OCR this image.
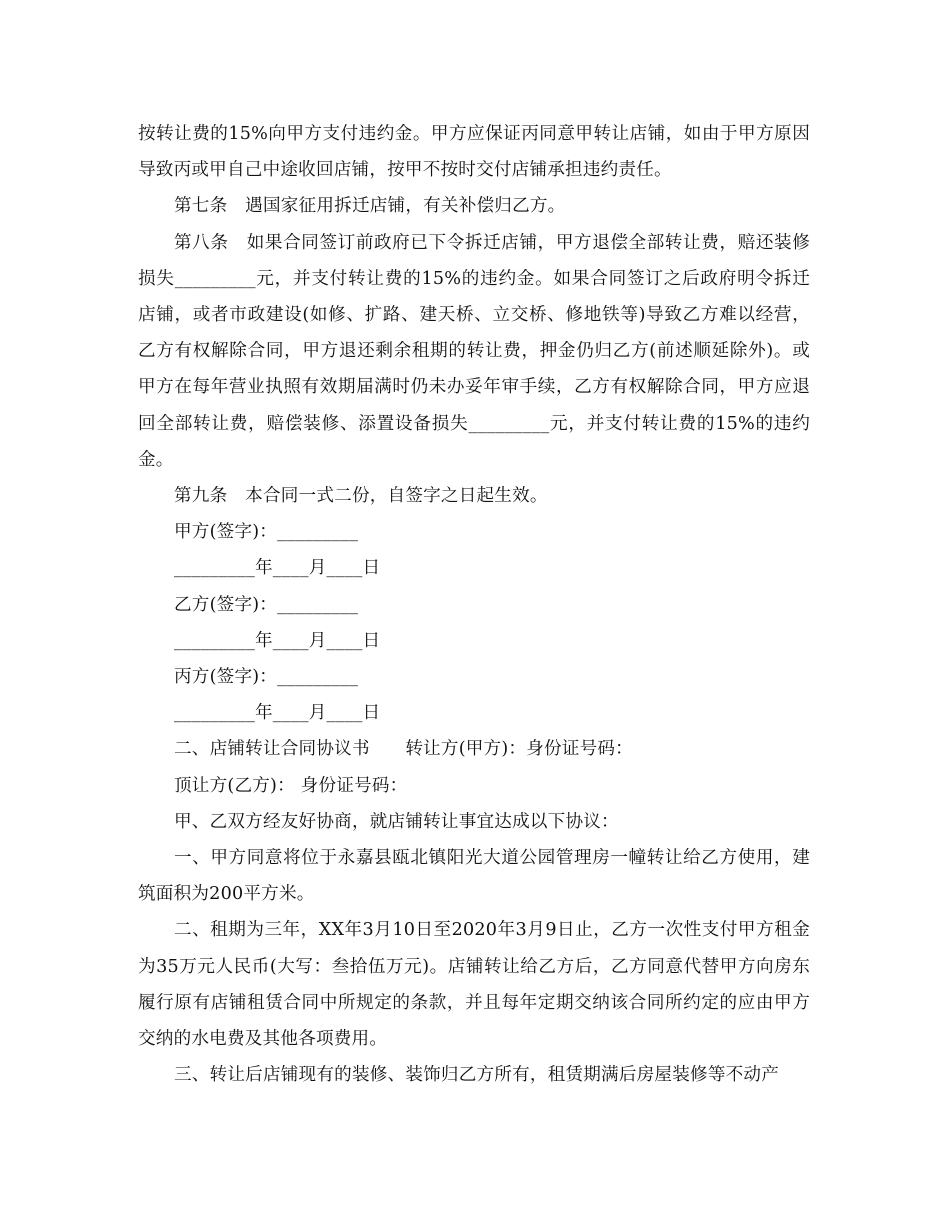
按转让费的15%向甲方支付违约金。甲方应保证丙同意甲转让店铺，如由于甲方原因导致丙或甲自己中途收回店铺，按甲不按时交付店铺承担违约责任。

第七条　遇国家征用拆迁店铺，有关补偿归乙方。

第八条　如果合同签订前政府已下令拆迁店铺，甲方退偿全部转让费，赔还装修损失_________元，并支付转让费的15%的违约金。如果合同签订之后政府明令拆迁店铺，或者市政建设(如修、扩路、建天桥、立交桥、修地铁等)导致乙方难以经营，乙方有权解除合同，甲方退还剩余租期的转让费，押金仍归乙方(前述顺延除外)。或甲方在每年营业执照有效期届满时仍未办妥年审手续，乙方有权解除合同，甲方应退回全部转让费，赔偿装修、添置设备损失_________元，并支付转让费的15%的违约金。

第九条　本合同一式二份，自签字之日起生效。

甲方(签字)：_________

_________年____月____日

乙方(签字)：_________

_________年____月____日

丙方(签字)：_________

_________年____月____日

二、店铺转让合同协议书　　转让方(甲方)：身份证号码：

顶让方(乙方)： 身份证号码：

甲、乙双方经友好协商，就店铺转让事宜达成以下协议：

一、甲方同意将位于永嘉县瓯北镇阳光大道公园管理房一幢转让给乙方使用，建筑面积为200平方米。

二、租期为三年，XX年3月10日至2020年3月9日止，乙方一次性支付甲方租金为35万元人民币(大写：叁拾伍万元)。店铺转让给乙方后，乙方同意代替甲方向房东履行原有店铺租赁合同中所规定的条款，并且每年定期交纳该合同所约定的应由甲方交纳的水电费及其他各项费用。

三、转让后店铺现有的装修、装饰归乙方所有，租赁期满后房屋装修等不动产
